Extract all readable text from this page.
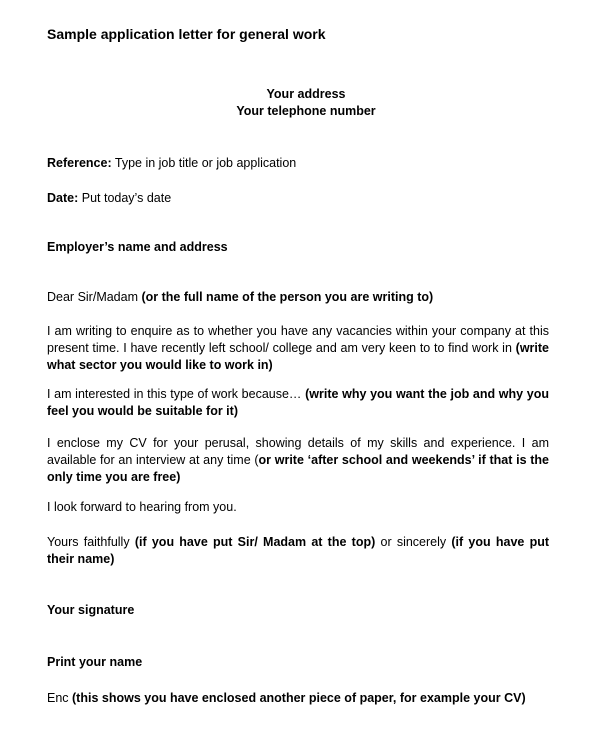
Sample application letter for general work
Your address
Your telephone number
Reference: Type in job title or job application
Date: Put today’s date
Employer’s name and address
Dear Sir/Madam (or the full name of the person you are writing to)
I am writing to enquire as to whether you have any vacancies within your company at this present time. I have recently left school/ college and am very keen to to find work in (write what sector you would like to work in)
I am interested in this type of work because… (write why you want the job and why you feel you would be suitable for it)
I enclose my CV for your perusal, showing details of my skills and experience. I am available for an interview at any time (or write ‘after school and weekends’ if that is the only time you are free)
I look forward to hearing from you.
Yours faithfully (if you have put Sir/ Madam at the top) or sincerely (if you have put their name)
Your signature
Print your name
Enc (this shows you have enclosed another piece of paper, for example your CV)
